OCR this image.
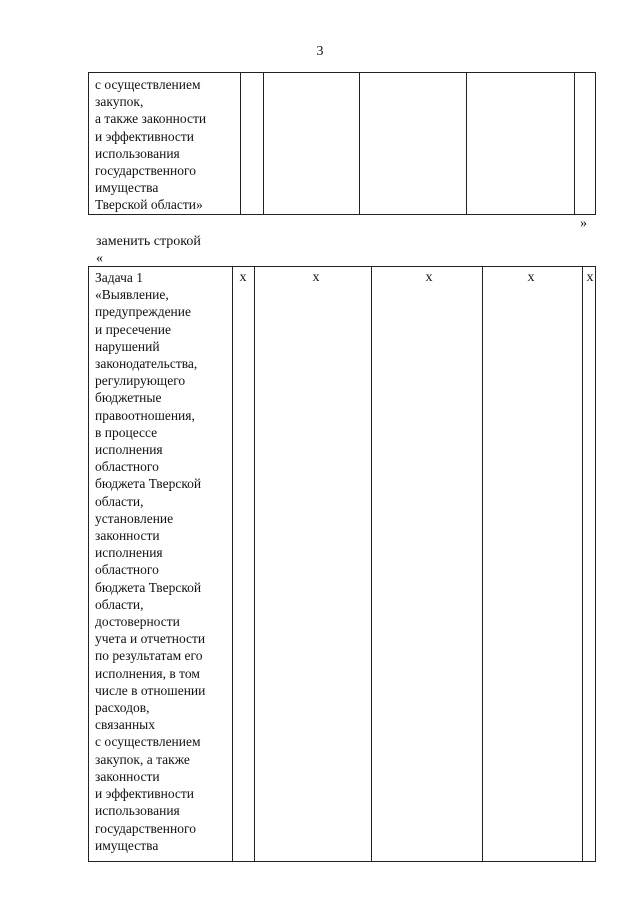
3
с осуществлением
закупок,
а также законности
и эффективности
использования
государственного
имущества
Тверской области»
»
заменить строкой
«
Задача 1
«Выявление,
предупреждение
и пресечение
нарушений
законодательства,
регулирующего
бюджетные
правоотношения,
в процессе
исполнения
областного
бюджета Тверской
области,
установление
законности
исполнения
областного
бюджета Тверской
области,
достоверности
учета и отчетности
по результатам его
исполнения, в том
числе в отношении
расходов,
связанных
с осуществлением
закупок, а также
законности
и эффективности
использования
государственного
имущества
x	x	x	x	x
